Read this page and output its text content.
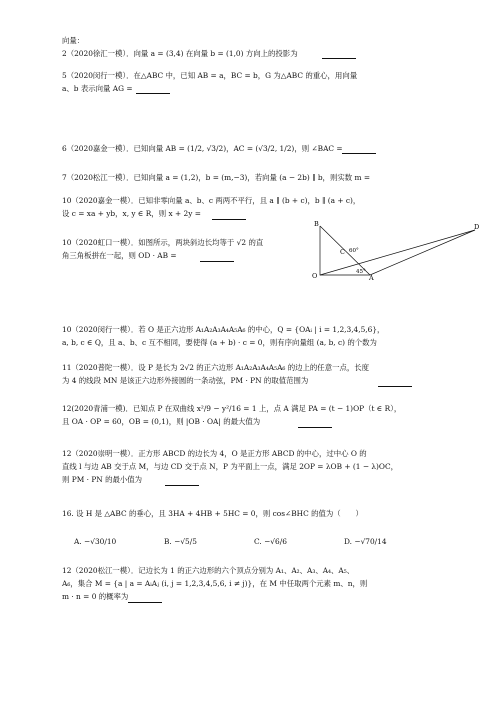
向量：
2（2020徐汇一模）．向量 a = (3,4) 在向量 b = (1,0) 方向上的投影为
5（2020闵行一模）．在△ABC 中，已知 AB = a，BC = b，G 为△ABC 的重心，用向量
a、b 表示向量 AG =
6（2020嘉金一模）．已知向量 AB = (1/2, √3/2)，AC = (√3/2, 1/2)，则 ∠BAC =
7（2020松江一模）．已知向量 a = (1,2)，b = (m,−3)，若向量 (a − 2b) ∥ b，则实数 m =
10（2020嘉金一模）．已知非零向量 a、b、c 两两不平行，且 a ∥ (b + c)，b ∥ (a + c)，
设 c = xa + yb，x, y ∈ R，则 x + 2y =
10（2020虹口一模）．如图所示，两块斜边长均等于 √2 的直
角三角板拼在一起，则 OD · AB =
B
C 60°
D
O	45°
A
10（2020闵行一模）．若 O 是正六边形 A₁A₂A₃A₄A₅A₆ 的中心，Q = {OAᵢ | i = 1,2,3,4,5,6}，
a, b, c ∈ Q，且 a、b、c 互不相同，要使得 (a + b) · c = 0，则有序向量组 (a, b, c) 的个数为
11（2020普陀一模）．设 P 是长为 2√2 的正六边形 A₁A₂A₃A₄A₅A₆ 的边上的任意一点，长度
为 4 的线段 MN 是该正六边形外接圆的一条动弦，PM · PN 的取值范围为
12(2020青浦一模)．已知点 P 在双曲线 x²/9 − y²/16 = 1 上，点 A 满足 PA = (t − 1)OP（t ∈ R），
且 OA · OP = 60，OB = (0,1)，则 |OB · OA| 的最大值为
12（2020崇明一模）．正方形 ABCD 的边长为 4，O 是正方形 ABCD 的中心，过中心 O 的
直线 l 与边 AB 交于点 M，与边 CD 交于点 N，P 为平面上一点，满足 2OP = λOB + (1 − λ)OC，
则 PM · PN 的最小值为
16. 设 H 是 △ABC 的垂心，且 3HA + 4HB + 5HC = 0，则 cos∠BHC 的值为（　　）
A. −√30/10	B. −√5/5	C. −√6/6	D. −√70/14
12（2020松江一模）．记边长为 1 的正六边形的六个顶点分别为 A₁、A₂、A₃、A₄、A₅、
A₆，集合 M = {a | a = AᵢAⱼ (i, j = 1,2,3,4,5,6, i ≠ j)}，在 M 中任取两个元素 m、n，则
m · n = 0 的概率为
